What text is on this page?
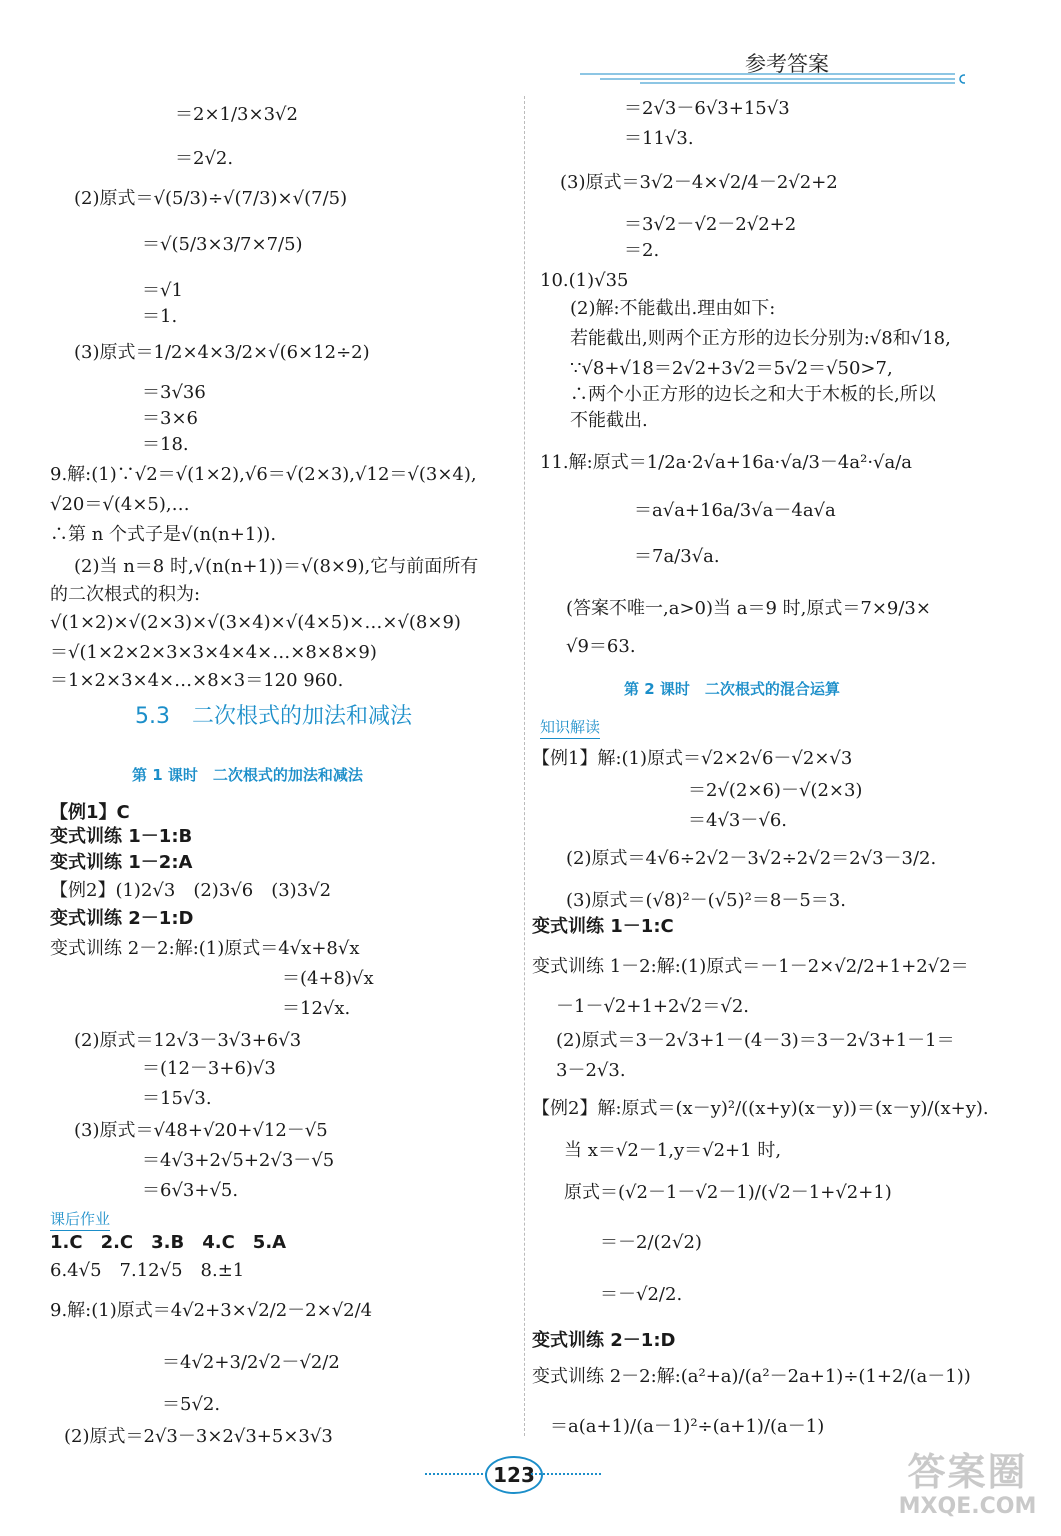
参考答案
＝2×1/3×3√2
＝2√2.
(2)原式＝√(5/3)÷√(7/3)×√(7/5)
＝√(5/3×3/7×7/5)
＝√1
＝1.
(3)原式＝1/2×4×3/2×√(6×12÷2)
＝3√36
＝3×6
＝18.
9.解:(1)∵√2＝√(1×2),√6＝√(2×3),√12＝√(3×4),
√20＝√(4×5),…
∴第 n 个式子是√(n(n+1)).
(2)当 n＝8 时,√(n(n+1))＝√(8×9),它与前面所有
的二次根式的积为:
√(1×2)×√(2×3)×√(3×4)×√(4×5)×…×√(8×9)
＝√(1×2×2×3×3×4×4×…×8×8×9)
＝1×2×3×4×…×8×3＝120 960.
5.3　二次根式的加法和减法
第 1 课时　二次根式的加法和减法
【例1】C
变式训练 1－1:B
变式训练 1－2:A
【例2】(1)2√3　(2)3√6　(3)3√2
变式训练 2－1:D
变式训练 2－2:解:(1)原式＝4√x+8√x
＝(4+8)√x
＝12√x.
(2)原式＝12√3－3√3+6√3
＝(12－3+6)√3
＝15√3.
(3)原式＝√48+√20+√12－√5
＝4√3+2√5+2√3－√5
＝6√3+√5.
课后作业
1.C　2.C　3.B　4.C　5.A
6.4√5　7.12√5　8.±1
9.解:(1)原式＝4√2+3×√2/2－2×√2/4
＝4√2+3/2√2－√2/2
＝5√2.
(2)原式＝2√3－3×2√3+5×3√3
＝2√3－6√3+15√3
＝11√3.
(3)原式＝3√2－4×√2/4－2√2+2
＝3√2－√2－2√2+2
＝2.
10.(1)√35
(2)解:不能截出.理由如下:
若能截出,则两个正方形的边长分别为:√8和√18,
∵√8+√18＝2√2+3√2＝5√2＝√50>7,
∴两个小正方形的边长之和大于木板的长,所以
不能截出.
11.解:原式＝1/2a·2√a+16a·√a/3－4a²·√a/a
＝a√a+16a/3√a－4a√a
＝7a/3√a.
(答案不唯一,a>0)当 a＝9 时,原式＝7×9/3×
√9＝63.
第 2 课时　二次根式的混合运算
知识解读
【例1】解:(1)原式＝√2×2√6－√2×√3
＝2√(2×6)－√(2×3)
＝4√3－√6.
(2)原式＝4√6÷2√2－3√2÷2√2＝2√3－3/2.
(3)原式＝(√8)²－(√5)²＝8－5＝3.
变式训练 1－1:C
变式训练 1－2:解:(1)原式＝－1－2×√2/2+1+2√2＝
－1－√2+1+2√2＝√2.
(2)原式＝3－2√3+1－(4－3)＝3－2√3+1－1＝
3－2√3.
【例2】解:原式＝(x－y)²/((x+y)(x－y))＝(x－y)/(x+y).
当 x＝√2－1,y＝√2+1 时,
原式＝(√2－1－√2－1)/(√2－1+√2+1)
＝－2/(2√2)
＝－√2/2.
变式训练 2－1:D
变式训练 2－2:解:(a²+a)/(a²－2a+1)÷(1+2/(a－1))
＝a(a+1)/(a－1)²÷(a+1)/(a－1)
123	答案圈
MXQE.COM
